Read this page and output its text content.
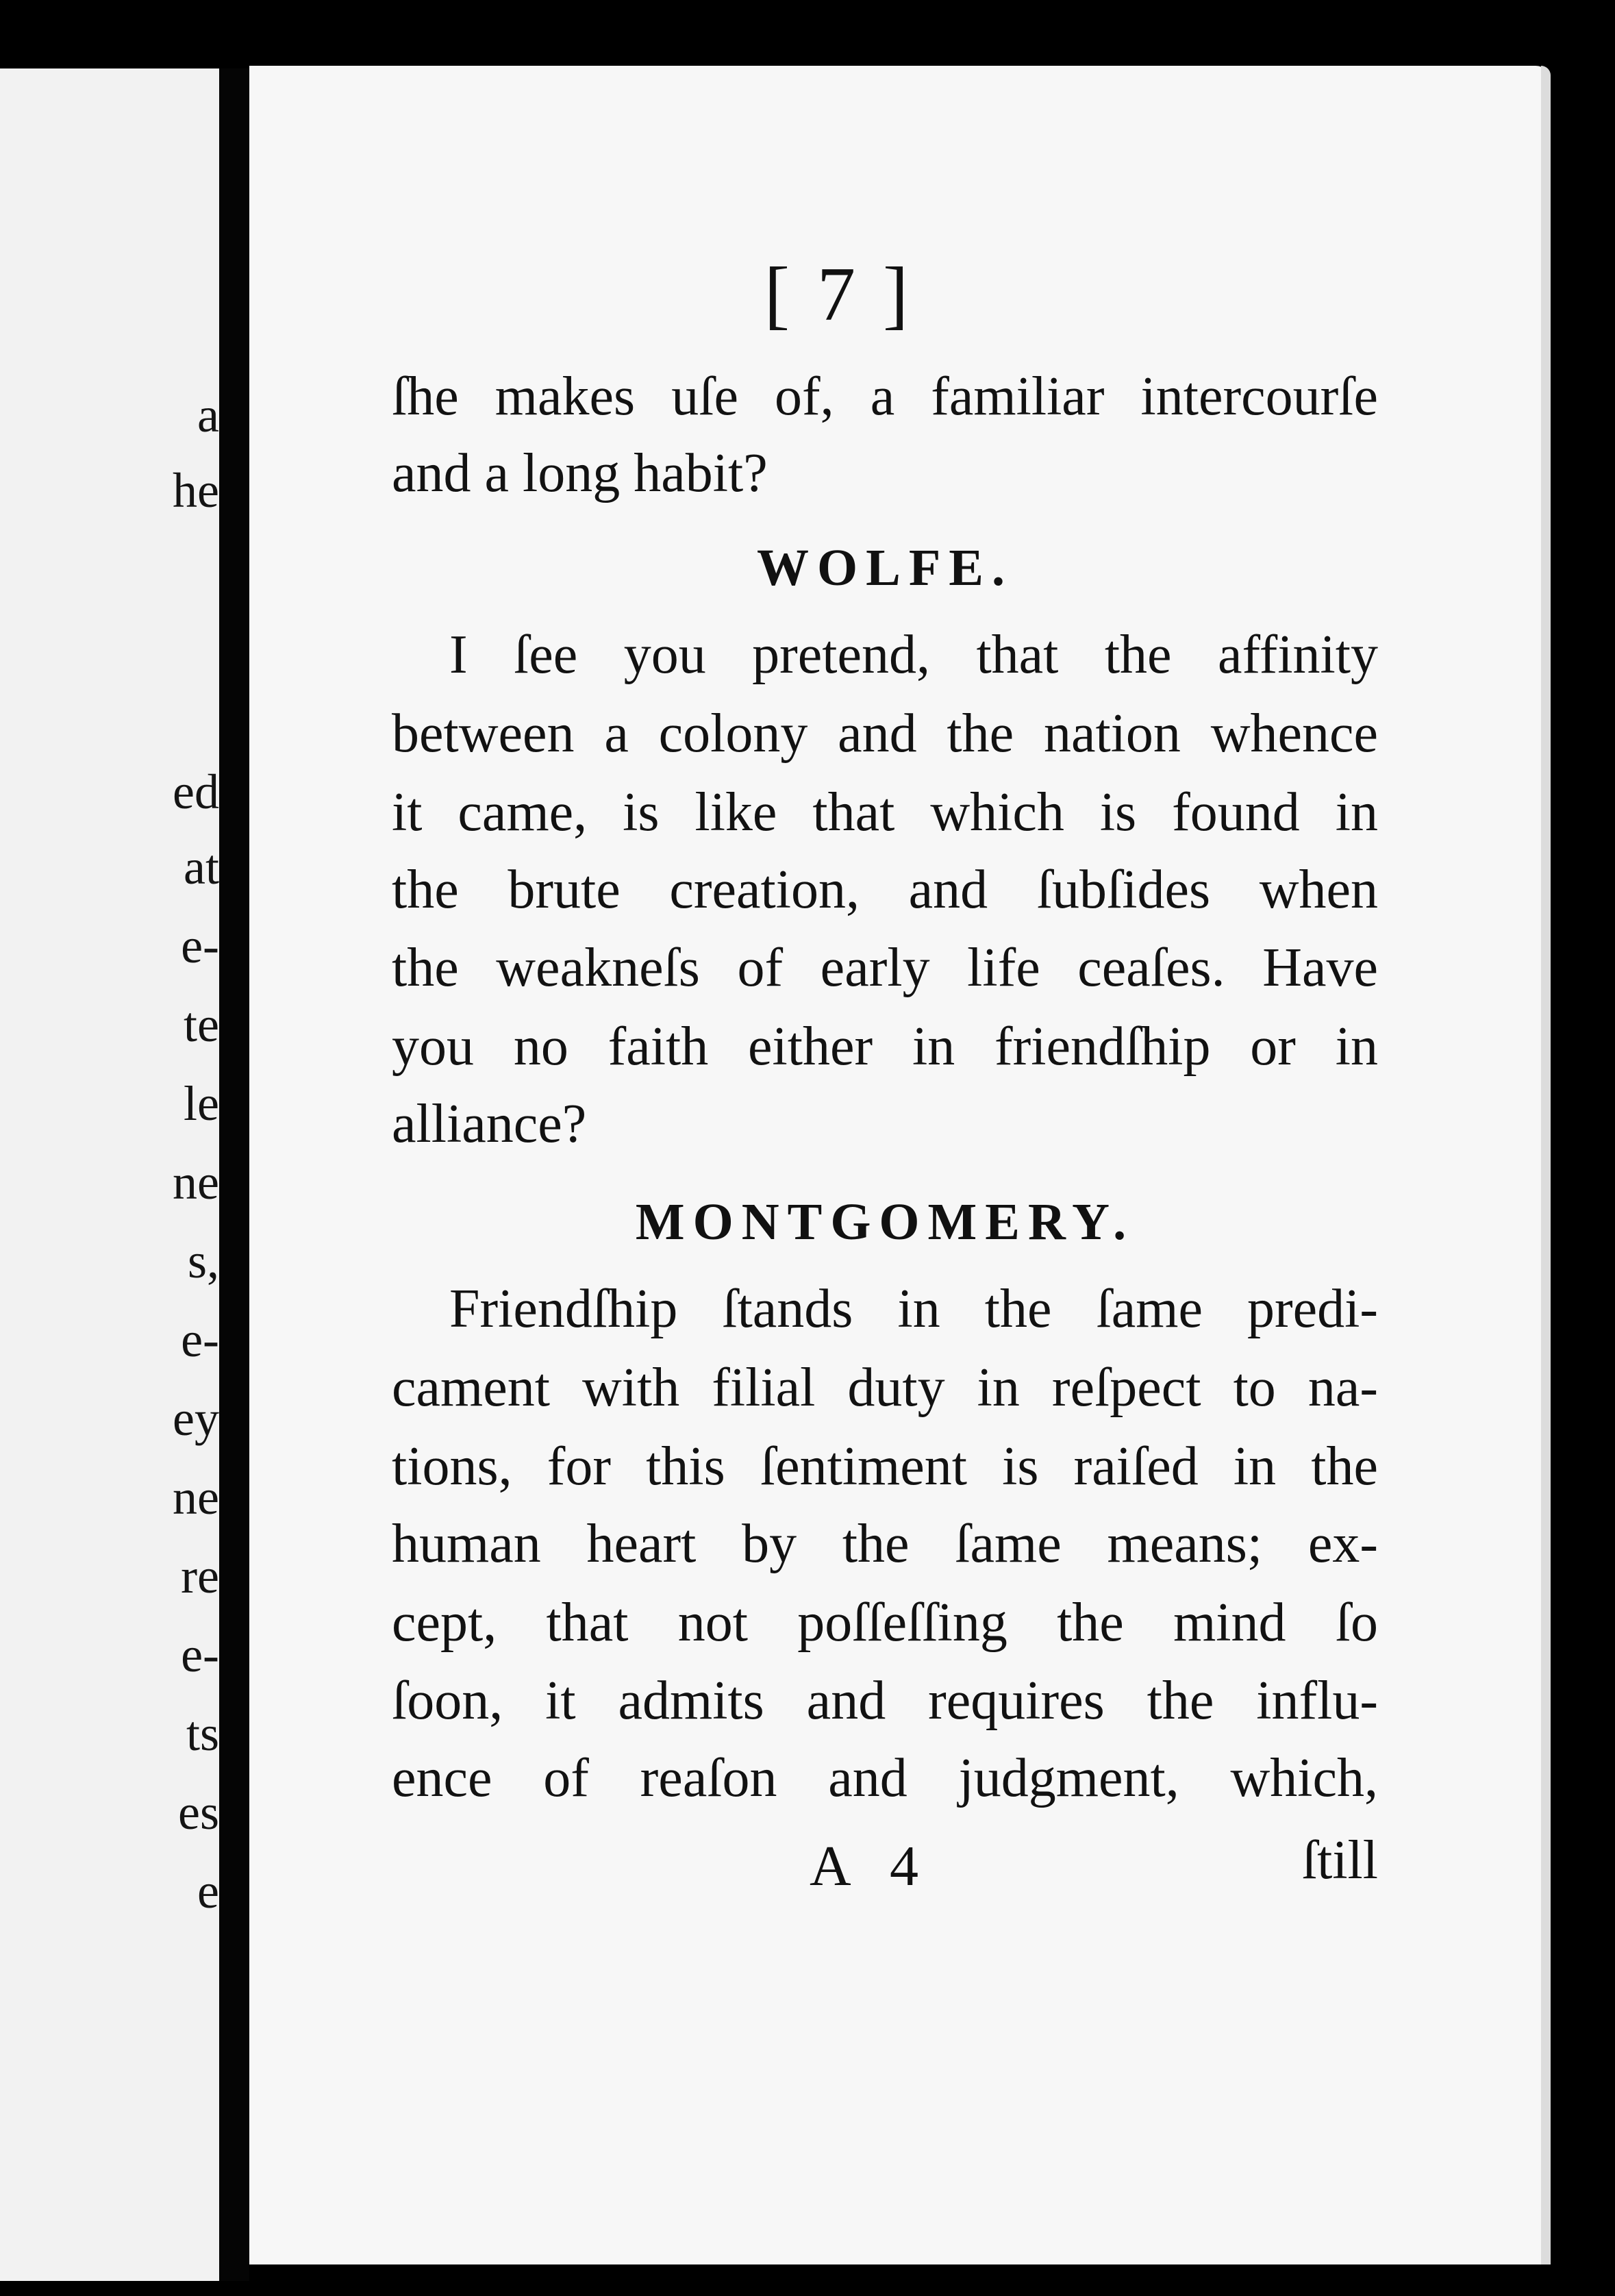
a
he
ed
at
e-
te
le
ne
s,
e-
ey
ne
re
e-
ts
es
e
[ 7 ]
ſhe makes uſe of, a familiar intercourſe
and a long habit?
WOLFE.
I ſee you pretend, that the affinity
between a colony and the nation whence
it came, is like that which is found in
the brute creation, and ſubſides when
the weakneſs of early life ceaſes. Have
you no faith either in friendſhip or in
alliance?
MONTGOMERY.
Friendſhip ſtands in the ſame predi-
cament with filial duty in reſpect to na-
tions, for this ſentiment is raiſed in the
human heart by the ſame means; ex-
cept, that not poſſeſſing the mind ſo
ſoon, it admits and requires the influ-
ence of reaſon and judgment, which,
A 4	ſtill
